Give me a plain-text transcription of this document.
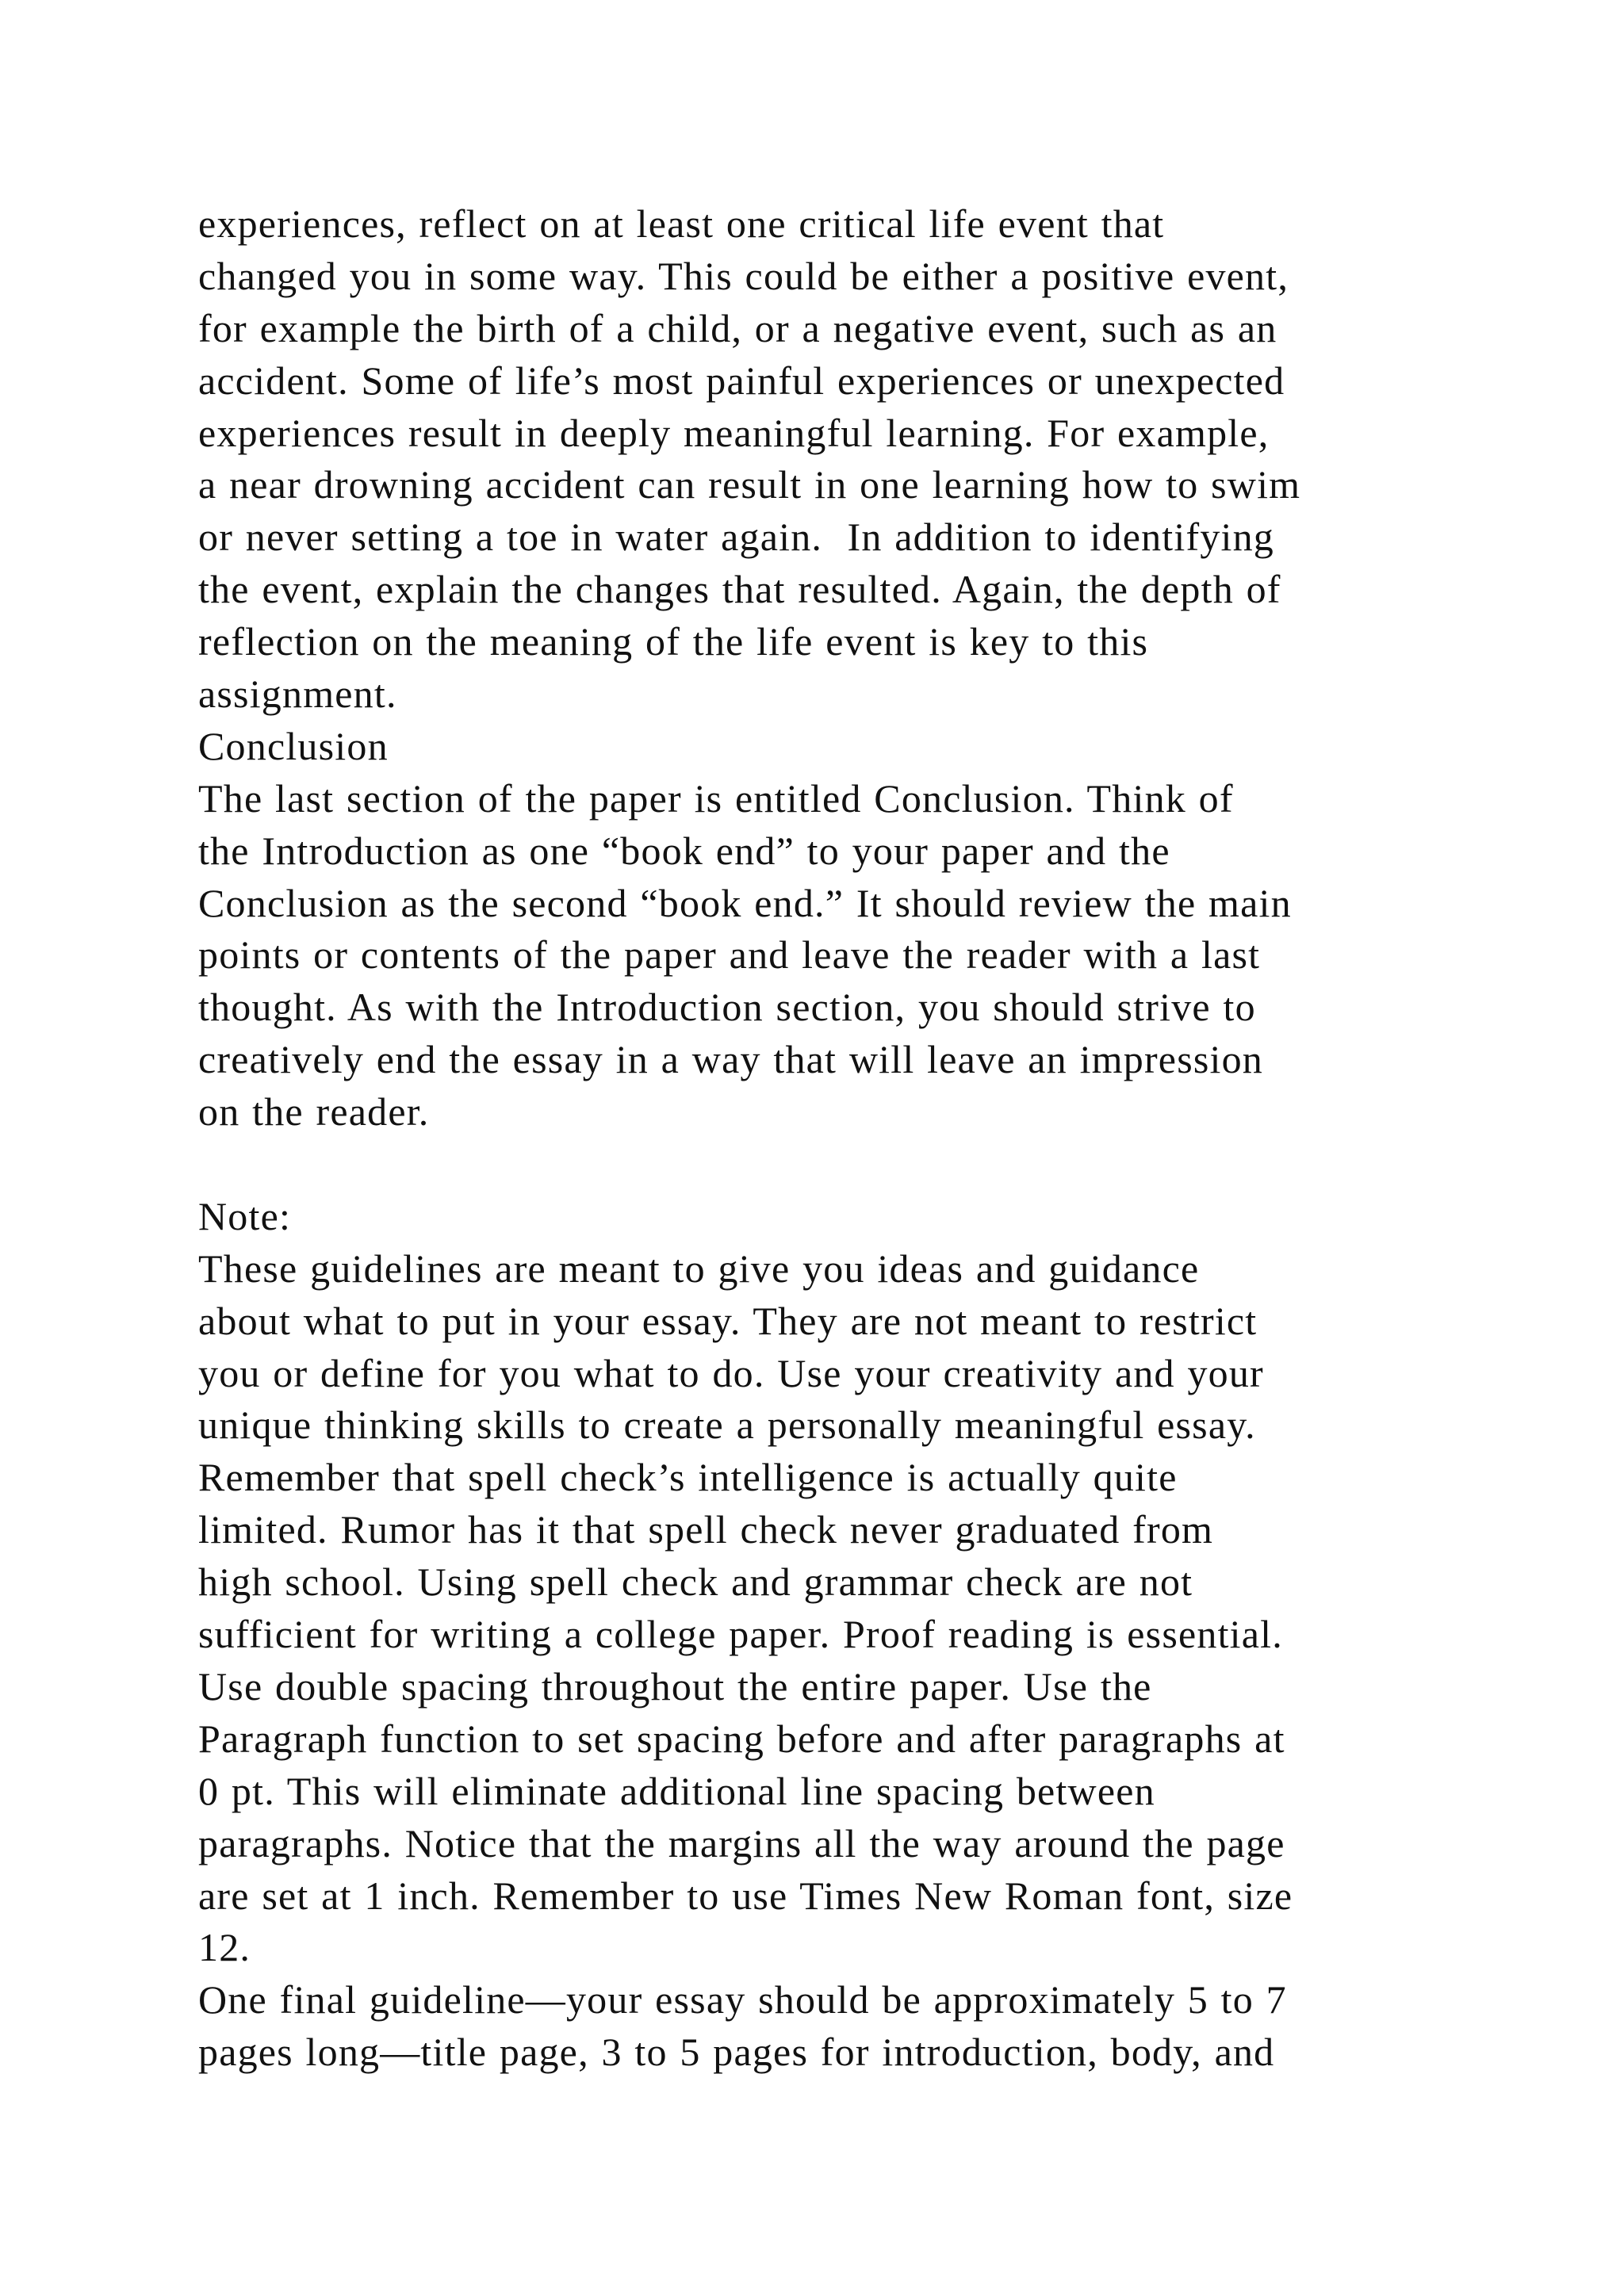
experiences, reflect on at least one critical life event that
changed you in some way. This could be either a positive event,
for example the birth of a child, or a negative event, such as an
accident. Some of life’s most painful experiences or unexpected
experiences result in deeply meaningful learning. For example,
a near drowning accident can result in one learning how to swim
or never setting a toe in water again.  In addition to identifying
the event, explain the changes that resulted. Again, the depth of
reflection on the meaning of the life event is key to this
assignment.
Conclusion
The last section of the paper is entitled Conclusion. Think of
the Introduction as one “book end” to your paper and the
Conclusion as the second “book end.” It should review the main
points or contents of the paper and leave the reader with a last
thought. As with the Introduction section, you should strive to
creatively end the essay in a way that will leave an impression
on the reader.
Note:
These guidelines are meant to give you ideas and guidance
about what to put in your essay. They are not meant to restrict
you or define for you what to do. Use your creativity and your
unique thinking skills to create a personally meaningful essay.
Remember that spell check’s intelligence is actually quite
limited. Rumor has it that spell check never graduated from
high school. Using spell check and grammar check are not
sufficient for writing a college paper. Proof reading is essential.
Use double spacing throughout the entire paper. Use the
Paragraph function to set spacing before and after paragraphs at
0 pt. This will eliminate additional line spacing between
paragraphs. Notice that the margins all the way around the page
are set at 1 inch. Remember to use Times New Roman font, size
12.
One final guideline—your essay should be approximately 5 to 7
pages long—title page, 3 to 5 pages for introduction, body, and
